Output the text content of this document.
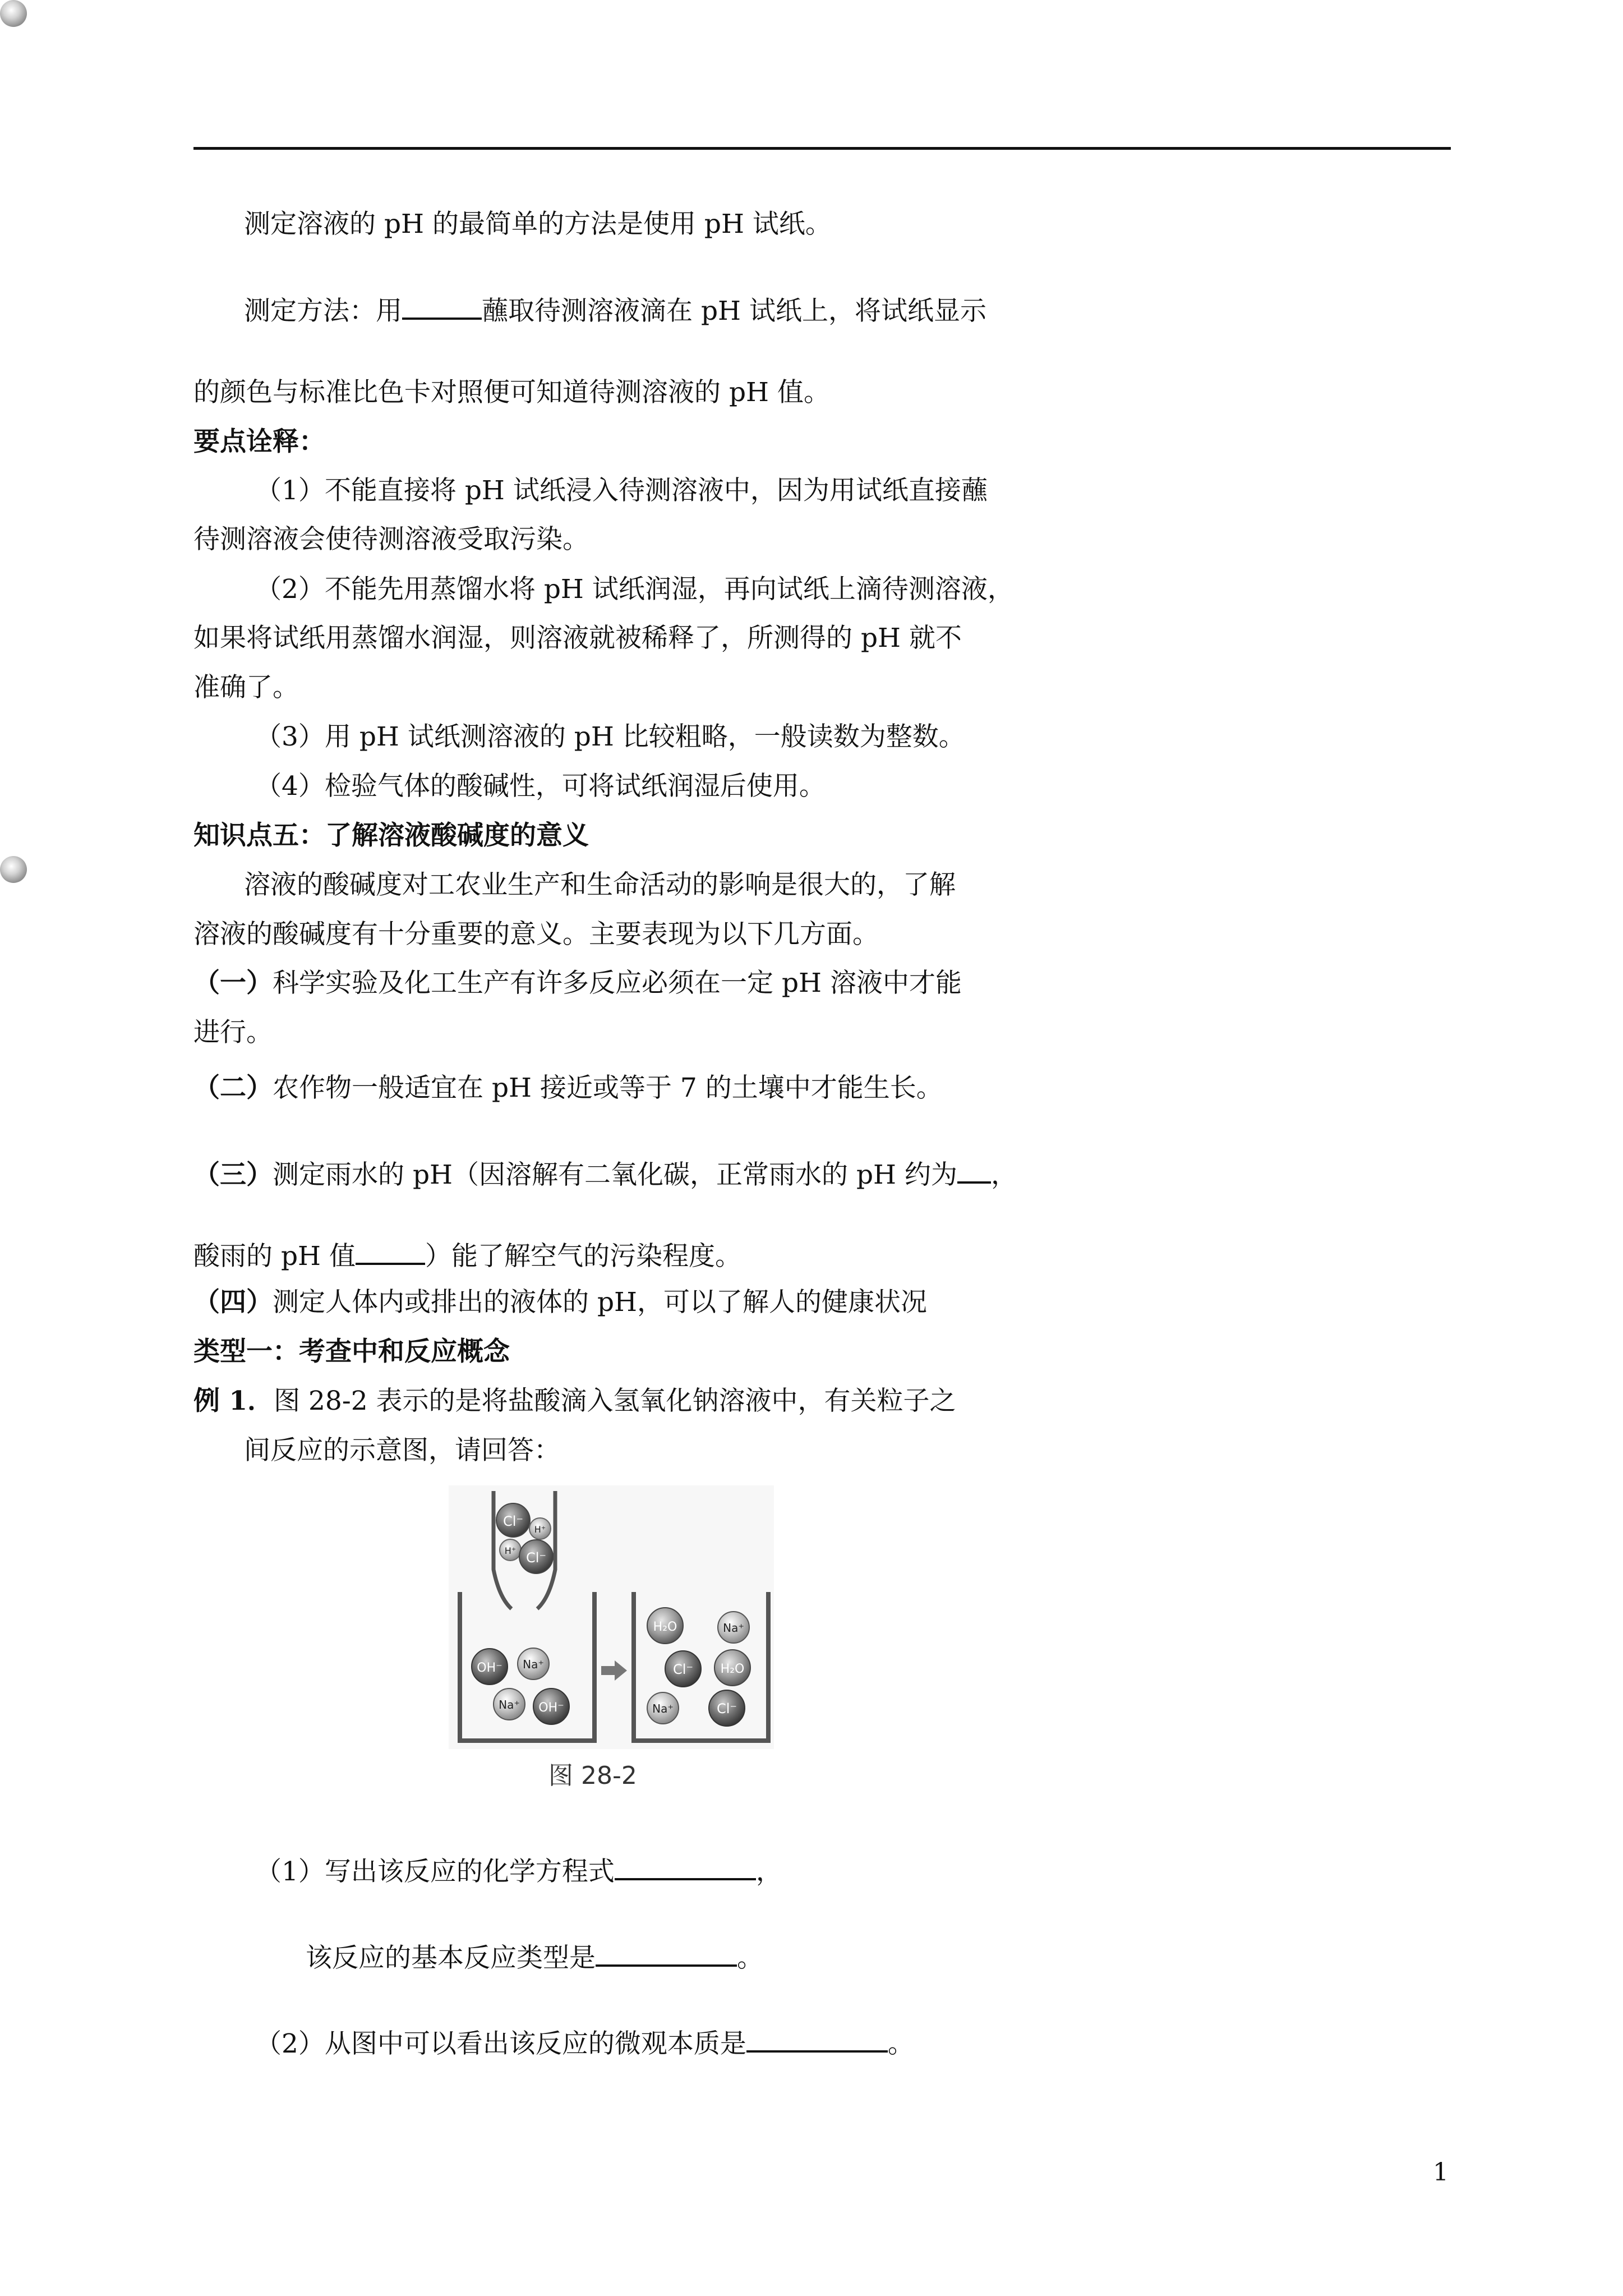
测定溶液的 pH 的最简单的方法是使用 pH 试纸。
测定方法：用	蘸取待测溶液滴在 pH 试纸上，将试纸显示
的颜色与标准比色卡对照便可知道待测溶液的 pH 值。
要点诠释：
（1）不能直接将 pH 试纸浸入待测溶液中，因为用试纸直接蘸
待测溶液会使待测溶液受取污染。
（2）不能先用蒸馏水将 pH 试纸润湿，再向试纸上滴待测溶液，
如果将试纸用蒸馏水润湿，则溶液就被稀释了，所测得的 pH 就不
准确了。
（3）用 pH 试纸测溶液的 pH 比较粗略，一般读数为整数。
（4）检验气体的酸碱性，可将试纸润湿后使用。
知识点五：了解溶液酸碱度的意义
溶液的酸碱度对工农业生产和生命活动的影响是很大的，了解
溶液的酸碱度有十分重要的意义。主要表现为以下几方面。
（一）科学实验及化工生产有许多反应必须在一定 pH 溶液中才能
进行。
（二）农作物一般适宜在 pH 接近或等于 7 的土壤中才能生长。
（三）测定雨水的 pH（因溶解有二氧化碳，正常雨水的 pH 约为 ，
酸雨的 pH 值	）能了解空气的污染程度。
（四）测定人体内或排出的液体的 pH，可以了解人的健康状况
类型一：考查中和反应概念
例 1．图 28-2 表示的是将盐酸滴入氢氧化钠溶液中，有关粒子之
间反应的示意图，请回答：
Cl⁻
H⁺
H⁺ Cl⁻
OH⁻ Na⁺
Na⁺ OH⁻
H₂O	Na⁺
Cl⁻ H₂O
Na⁺	Cl⁻
图 28-2
（1）写出该反应的化学方程式	，
该反应的基本反应类型是	。
（2）从图中可以看出该反应的微观本质是	。
1
